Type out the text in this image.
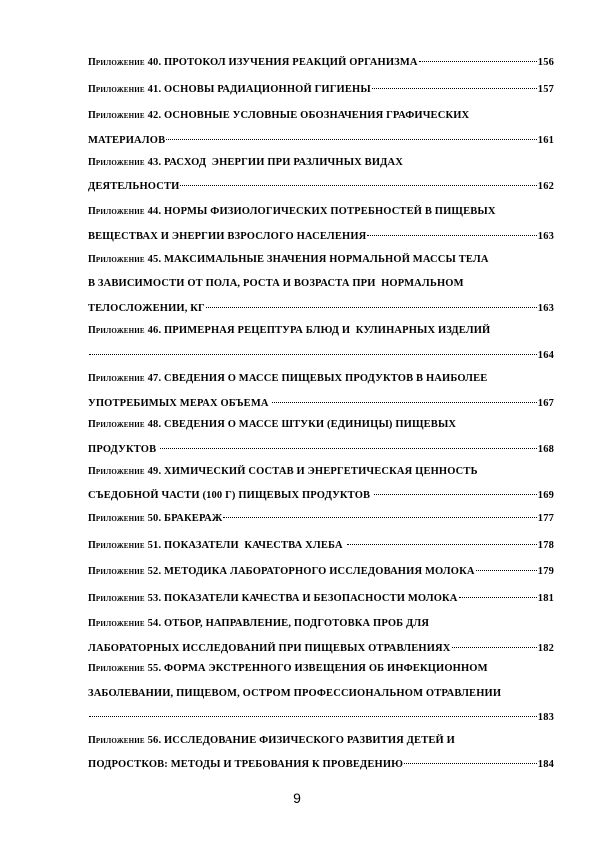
Приложение 40. ПРОТОКОЛ ИЗУЧЕНИЯ РЕАКЦИЙ ОРГАНИЗМА	156
Приложение 41. ОСНОВЫ РАДИАЦИОННОЙ ГИГИЕНЫ	157
Приложение 42. ОСНОВНЫЕ УСЛОВНЫЕ ОБОЗНАЧЕНИЯ ГРАФИЧЕСКИХ
МАТЕРИАЛОВ	161
Приложение 43. РАСХОД  ЭНЕРГИИ ПРИ РАЗЛИЧНЫХ ВИДАХ
ДЕЯТЕЛЬНОСТИ	162
Приложение 44. НОРМЫ ФИЗИОЛОГИЧЕСКИХ ПОТРЕБНОСТЕЙ В ПИЩЕВЫХ
ВЕЩЕСТВАХ И ЭНЕРГИИ ВЗРОСЛОГО НАСЕЛЕНИЯ	163
Приложение 45. МАКСИМАЛЬНЫЕ ЗНАЧЕНИЯ НОРМАЛЬНОЙ МАССЫ ТЕЛА
В ЗАВИСИМОСТИ ОТ ПОЛА, РОСТА И ВОЗРАСТА ПРИ  НОРМАЛЬНОМ
ТЕЛОСЛОЖЕНИИ, КГ	163
Приложение 46. ПРИМЕРНАЯ РЕЦЕПТУРА БЛЮД И  КУЛИНАРНЫХ ИЗДЕЛИЙ
164
Приложение 47. СВЕДЕНИЯ О МАССЕ ПИЩЕВЫХ ПРОДУКТОВ В НАИБОЛЕЕ
УПОТРЕБИМЫХ МЕРАХ ОБЪЕМА	167
Приложение 48. СВЕДЕНИЯ О МАССЕ ШТУКИ (ЕДИНИЦЫ) ПИЩЕВЫХ
ПРОДУКТОВ	168
Приложение 49. ХИМИЧЕСКИЙ СОСТАВ И ЭНЕРГЕТИЧЕСКАЯ ЦЕННОСТЬ
СЪЕДОБНОЙ ЧАСТИ (100 Г) ПИЩЕВЫХ ПРОДУКТОВ	169
Приложение 50. БРАКЕРАЖ	177
Приложение 51. ПОКАЗАТЕЛИ  КАЧЕСТВА ХЛЕБА	178
Приложение 52. МЕТОДИКА ЛАБОРАТОРНОГО ИССЛЕДОВАНИЯ МОЛОКА	179
Приложение 53. ПОКАЗАТЕЛИ КАЧЕСТВА И БЕЗОПАСНОСТИ МОЛОКА	181
Приложение 54. ОТБОР, НАПРАВЛЕНИЕ, ПОДГОТОВКА ПРОБ ДЛЯ
ЛАБОРАТОРНЫХ ИССЛЕДОВАНИЙ ПРИ ПИЩЕВЫХ ОТРАВЛЕНИЯХ	182
Приложение 55. ФОРМА ЭКСТРЕННОГО ИЗВЕЩЕНИЯ ОБ ИНФЕКЦИОННОМ
ЗАБОЛЕВАНИИ, ПИЩЕВОМ, ОСТРОМ ПРОФЕССИОНАЛЬНОМ ОТРАВЛЕНИИ
183
Приложение 56. ИССЛЕДОВАНИЕ ФИЗИЧЕСКОГО РАЗВИТИЯ ДЕТЕЙ И
ПОДРОСТКОВ: МЕТОДЫ И ТРЕБОВАНИЯ К ПРОВЕДЕНИЮ	184
9
